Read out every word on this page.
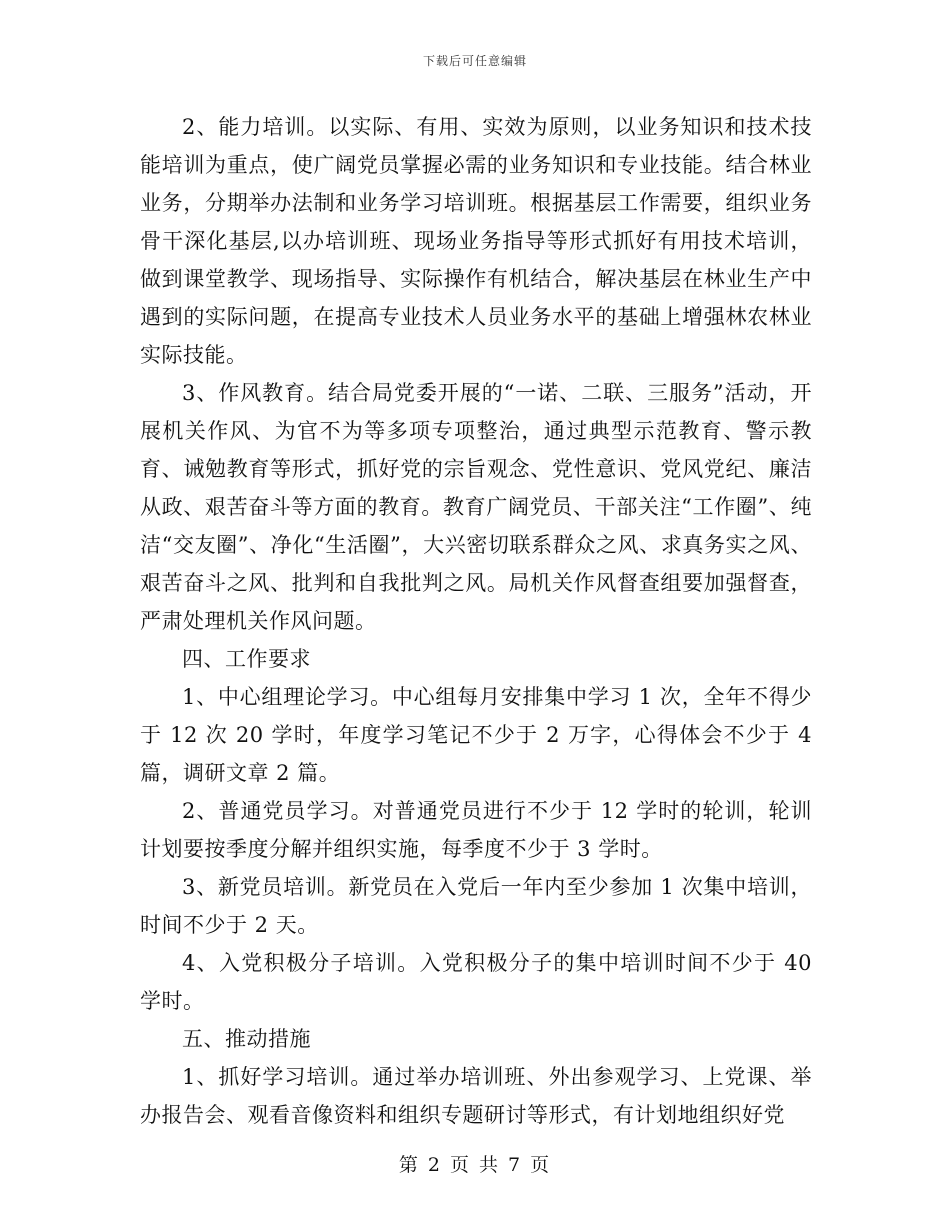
下载后可任意编辑

2、能力培训。以实际、有用、实效为原则，以业务知识和技术技能培训为重点，使广阔党员掌握必需的业务知识和专业技能。结合林业业务，分期举办法制和业务学习培训班。根据基层工作需要，组织业务骨干深化基层,以办培训班、现场业务指导等形式抓好有用技术培训，做到课堂教学、现场指导、实际操作有机结合，解决基层在林业生产中遇到的实际问题，在提高专业技术人员业务水平的基础上增强林农林业实际技能。

3、作风教育。结合局党委开展的“一诺、二联、三服务”活动，开展机关作风、为官不为等多项专项整治，通过典型示范教育、警示教育、诫勉教育等形式，抓好党的宗旨观念、党性意识、党风党纪、廉洁从政、艰苦奋斗等方面的教育。教育广阔党员、干部关注“工作圈”、纯洁“交友圈”、净化“生活圈”，大兴密切联系群众之风、求真务实之风、艰苦奋斗之风、批判和自我批判之风。局机关作风督查组要加强督查，严肃处理机关作风问题。

四、工作要求

1、中心组理论学习。中心组每月安排集中学习 1 次，全年不得少于 12 次 20 学时，年度学习笔记不少于 2 万字，心得体会不少于 4 篇，调研文章 2 篇。

2、普通党员学习。对普通党员进行不少于 12 学时的轮训，轮训计划要按季度分解并组织实施，每季度不少于 3 学时。

3、新党员培训。新党员在入党后一年内至少参加 1 次集中培训，时间不少于 2 天。

4、入党积极分子培训。入党积极分子的集中培训时间不少于 40 学时。

五、推动措施

1、抓好学习培训。通过举办培训班、外出参观学习、上党课、举办报告会、观看音像资料和组织专题研讨等形式，有计划地组织好党

第 2 页 共 7 页
